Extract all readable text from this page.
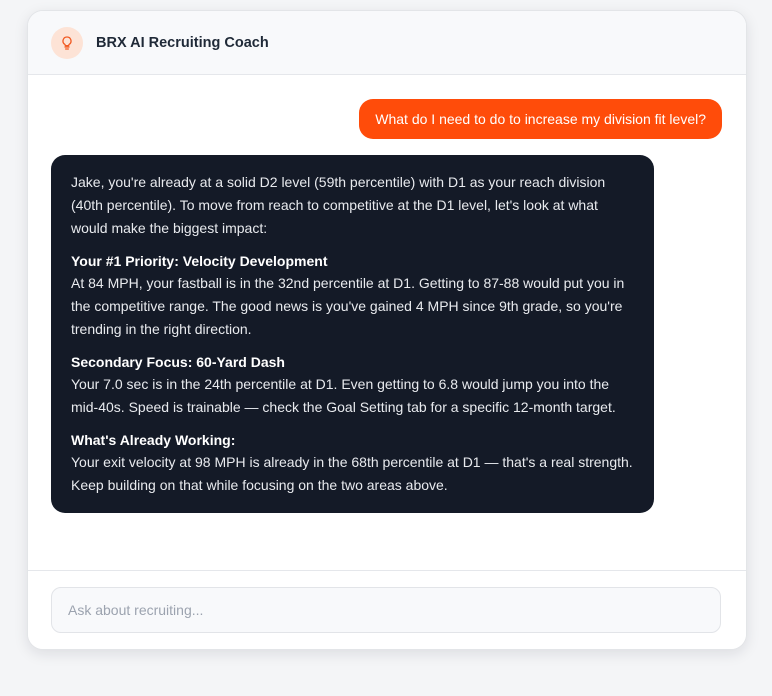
BRX AI Recruiting Coach
What do I need to do to increase my division fit level?

Jake, you're already at a solid D2 level (59th percentile) with D1 as your reach division (40th percentile). To move from reach to competitive at the D1 level, let's look at what would make the biggest impact:

Your #1 Priority: Velocity Development

At 84 MPH, your fastball is in the 32nd percentile at D1. Getting to 87-88 would put you in the competitive range. The good news is you've gained 4 MPH since 9th grade, so you're trending in the right direction.

Secondary Focus: 60-Yard Dash

Your 7.0 sec is in the 24th percentile at D1. Even getting to 6.8 would jump you into the mid-40s. Speed is trainable — check the Goal Setting tab for a specific 12-month target.

What's Already Working:

Your exit velocity at 98 MPH is already in the 68th percentile at D1 — that's a real strength. Keep building on that while focusing on the two areas above.

Ask about recruiting...
